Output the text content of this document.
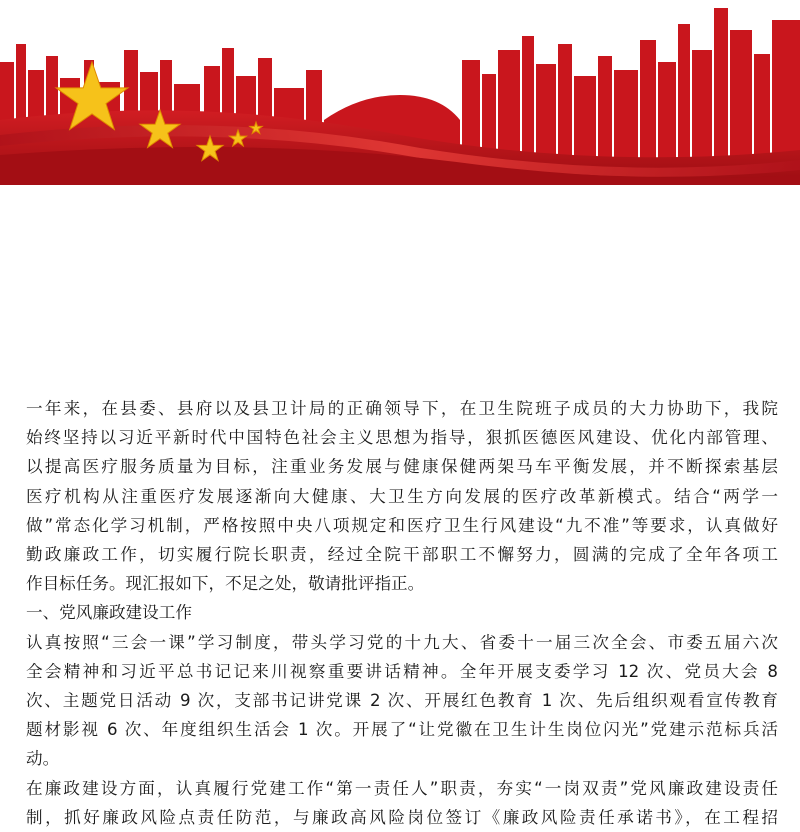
一年来，在县委、县府以及县卫计局的正确领导下，在卫生院班子成员的大力协助下，我院

始终坚持以习近平新时代中国特色社会主义思想为指导，狠抓医德医风建设、优化内部管理、

以提高医疗服务质量为目标，注重业务发展与健康保健两架马车平衡发展，并不断探索基层

医疗机构从注重医疗发展逐渐向大健康、大卫生方向发展的医疗改革新模式。结合“两学一

做”常态化学习机制，严格按照中央八项规定和医疗卫生行风建设“九不准”等要求，认真做好

勤政廉政工作，切实履行院长职责，经过全院干部职工不懈努力，圆满的完成了全年各项工

作目标任务。现汇报如下，不足之处，敬请批评指正。

一、党风廉政建设工作

认真按照“三会一课”学习制度，带头学习党的十九大、省委十一届三次全会、市委五届六次

全会精神和习近平总书记记来川视察重要讲话精神。全年开展支委学习 12 次、党员大会 8

次、主题党日活动 9 次，支部书记讲党课 2 次、开展红色教育 1 次、先后组织观看宣传教育

题材影视 6 次、年度组织生活会 1 次。开展了“让党徽在卫生计生岗位闪光”党建示范标兵活

动。

在廉政建设方面，认真履行党建工作“第一责任人”职责，夯实“一岗双责”党风廉政建设责任

制，抓好廉政风险点责任防范，与廉政高风险岗位签订《廉政风险责任承诺书》，在工程招
